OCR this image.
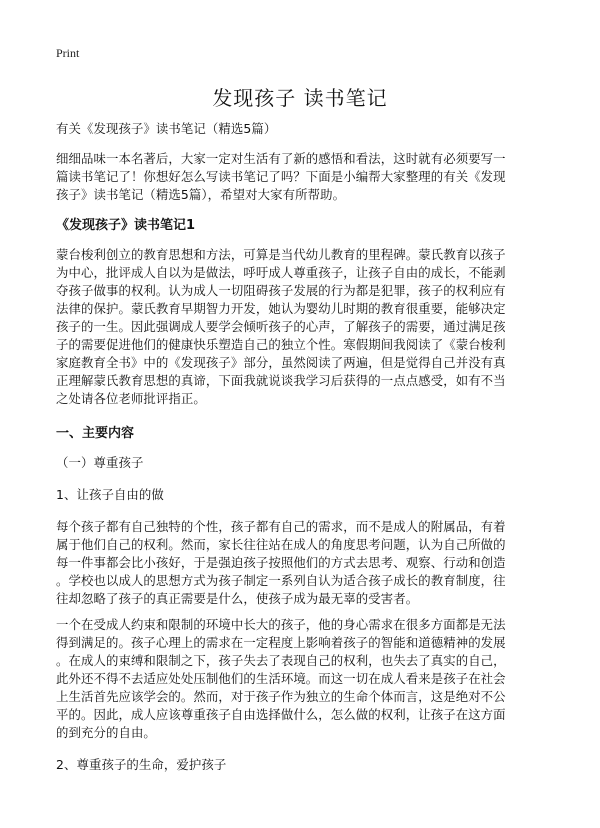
Print
发现孩子 读书笔记
有关《发现孩子》读书笔记（精选5篇）
细细品味一本名著后，大家一定对生活有了新的感悟和看法，这时就有必须要写一
篇读书笔记了！你想好怎么写读书笔记了吗？下面是小编帮大家整理的有关《发现
孩子》读书笔记（精选5篇），希望对大家有所帮助。
《发现孩子》读书笔记1
蒙台梭利创立的教育思想和方法，可算是当代幼儿教育的里程碑。蒙氏教育以孩子
为中心，批评成人自以为是做法，呼吁成人尊重孩子，让孩子自由的成长，不能剥
夺孩子做事的权利。认为成人一切阻碍孩子发展的行为都是犯罪，孩子的权利应有
法律的保护。蒙氏教育早期智力开发，她认为婴幼儿时期的教育很重要，能够决定
孩子的一生。因此强调成人要学会倾听孩子的心声，了解孩子的需要，通过满足孩
子的需要促进他们的健康快乐塑造自己的独立个性。寒假期间我阅读了《蒙台梭利
家庭教育全书》中的《发现孩子》部分，虽然阅读了两遍，但是觉得自己并没有真
正理解蒙氏教育思想的真谛，下面我就说谈我学习后获得的一点点感受，如有不当
之处请各位老师批评指正。
一、主要内容
（一）尊重孩子
1、让孩子自由的做
每个孩子都有自己独特的个性，孩子都有自己的需求，而不是成人的附属品，有着
属于他们自己的权利。然而，家长往往站在成人的角度思考问题，认为自己所做的
每一件事都会比小孩好，于是强迫孩子按照他们的方式去思考、观察、行动和创造
。学校也以成人的思想方式为孩子制定一系列自认为适合孩子成长的教育制度，往
往却忽略了孩子的真正需要是什么，使孩子成为最无辜的受害者。
一个在受成人约束和限制的环境中长大的孩子，他的身心需求在很多方面都是无法
得到满足的。孩子心理上的需求在一定程度上影响着孩子的智能和道德精神的发展
。在成人的束缚和限制之下，孩子失去了表现自己的权利，也失去了真实的自己，
此外还不得不去适应处处压制他们的生活环境。而这一切在成人看来是孩子在社会
上生活首先应该学会的。然而，对于孩子作为独立的生命个体而言，这是绝对不公
平的。因此，成人应该尊重孩子自由选择做什么，怎么做的权利，让孩子在这方面
的到充分的自由。
2、尊重孩子的生命，爱护孩子
